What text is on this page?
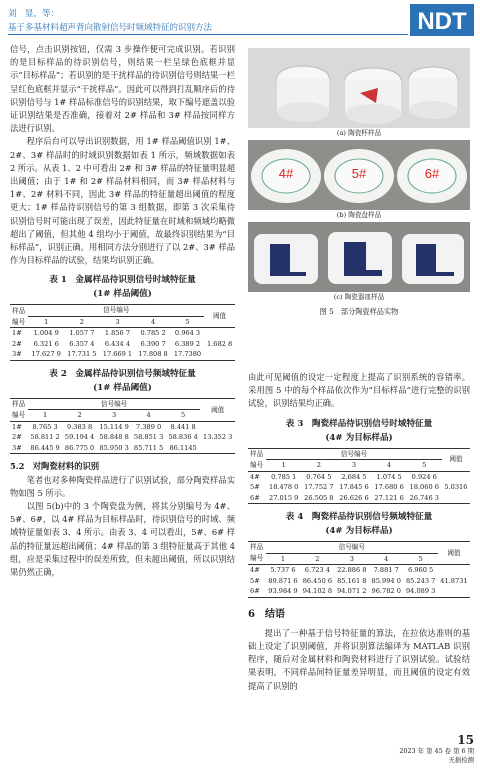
刘　显，等：
基于多基材料超声背向散射信号时频域特征的识别方法	NDT

信号，点击识别按钮，仅需 3 步操作便可完成识别。若识别的是目标样品的待识别信号，则结果一栏呈绿色底框并显示“目标样品”；若识别的是干扰样品的待识别信号则结果一栏呈红色底框并显示“干扰样品”。因此可以得到打乱顺序后的待识别信号与 1# 样品标准信号的识别结果，取下编号遮盖以验证识别结果是否准确，接着对 2# 样品和 3# 样品按同样方法进行识别。

程序后台可以导出识别数据，用 1# 样品阈值识别 1#、2#、3# 样品时的时域识别数据如表 1 所示，频域数据如表 2 所示。从表 1、2 中可看出 2# 和 3# 样品的特征量明显超出阈值；由于 1# 和 2# 样品材料相同，而 3# 样品材料与 1#、2# 材料不同，因此 3# 样品的特征量超出阈值的程度更大；1# 样品待识别信号的第 3 组数据，即第 3 次采集待识别信号时可能出现了误差，因此特征量在时域和频域均略微超出了阈值，但其他 4 组均小于阈值，故最终识别结果为“目标样品”，识别正确。用相同方法分别进行了以 2#、3# 样品作为目标样品的试验，结果均识别正确。

表 1　金属样品待识别信号时域特征量
(1# 样品阈值)
样品	信号编号					阈值
编号	1	2	3	4	5	
1#	1.004 9	1.057 7	1.856 7	0.785 2	0.964 3	1.682 8
2#	6.321 6	6.357 4	6.434 4	6.390 7	6.389 2	
3#	17.627 9	17.731 5	17.669 1	17.808 8	17.7380	
表 2　金属样品待识别信号频域特征量
(1# 样品阈值)
样品	信号编号					阈值
编号	1	2	3	4	5	
1#	8.765 3	9.383 8	15.114 9	7.389 0	8.441 8	13.352 3
2#	58.811 2	59.194 4	58.848 8	58.851 3	58.836 4	
3#	86.445 9	86.775 0	85.950 3	85.711 5	86.1145	
5.2　对陶瓷材料的识别

笔者也对多种陶瓷样品进行了识别试验，部分陶瓷样品实物如图 5 所示。

以图 5(b)中的 3 个陶瓷盘为例，将其分别编号为 4#、5#、6#，以 4# 样品为目标样品时，待识别信号的时域、频域特征量如表 3、4 所示。由表 3、4 可以看出，5#、6# 样品的特征量远超出阈值；4# 样品的第 3 组特征量高于其他 4 组，应是采集过程中的误差所致，但未超出阈值，所以识别结果仍然正确，

(a) 陶瓷杯样品
4#	5#	6#
(b) 陶瓷盘样品
(c) 陶瓷器皿样品
图 5　部分陶瓷样品实物

由此可见阈值的设定一定程度上提高了识别系统的容错率。采用图 5 中的每个样品依次作为“目标样品”进行完整的识别试验，识别结果均正确。

表 3　陶瓷样品待识别信号时域特征量
(4# 为目标样品)
样品	信号编号					阈值
编号	1	2	3	4	5	
4#	0.785 1	0.764 5	2.684 5	1.074 5	0.924 6	5.0316
5#	18.478 0	17.752 7	17.845 6	17.680 6	18.060 6	
6#	27.015 9	26.505 8	26.626 6	27.121 6	26.746 3	
表 4　陶瓷样品待识别信号频域特征量
(4# 为目标样品)
样品	信号编号					阈值
编号	1	2	3	4	5	
4#	5.737 6	6.723 4	22.886 8	7.881 7	6.960 5	41.8731
5#	89.871 6	86.450 6	85.161 8	85.994 0	85.243 7	
6#	93.984 9	94.102 8	94.071 2	96.782 0	94.089 3	
6　结语

提出了一种基于信号特征量的算法，在拉依达准则的基础上设定了识别阈值，并将识别算法编译为 MATLAB 识别程序，随后对金属材料和陶瓷材料进行了识别试验。试验结果表明，不同样品间特征量差异明显，而且阈值的设定有效提高了识别的

15
2023 年 第 45 卷 第 6 期
无损检测
